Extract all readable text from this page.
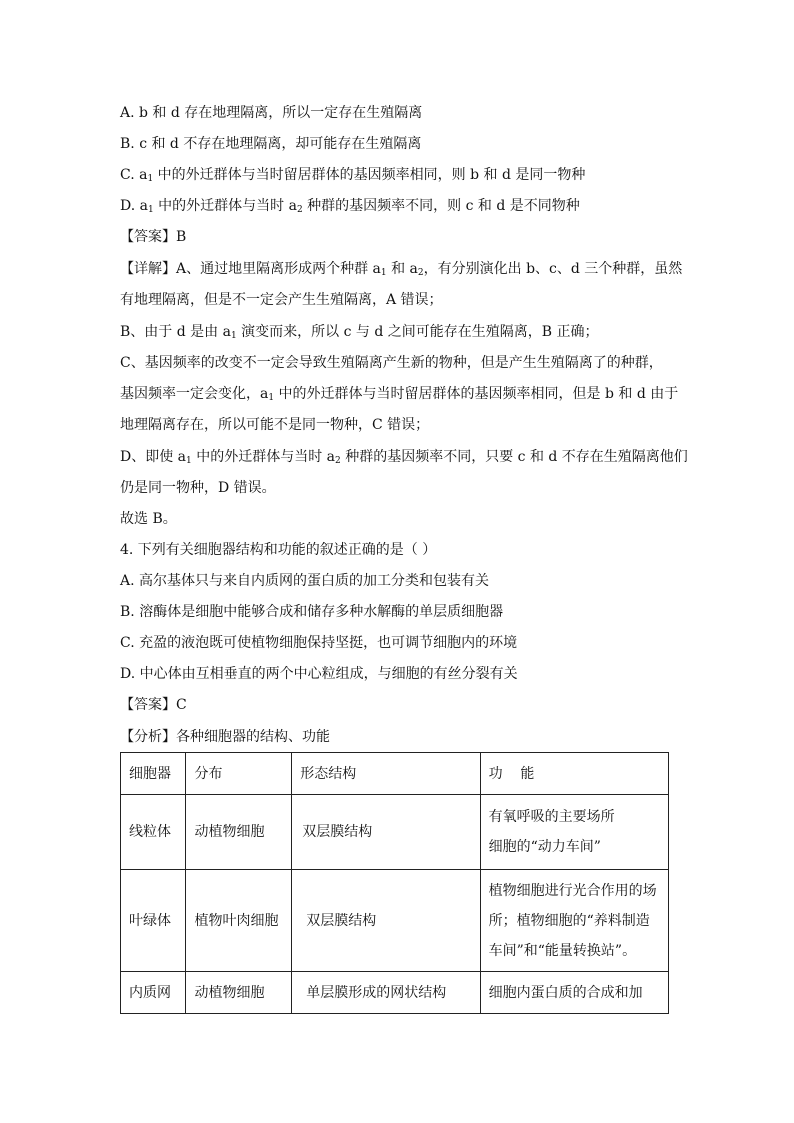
A. b 和 d 存在地理隔离，所以一定存在生殖隔离
B. c 和 d 不存在地理隔离，却可能存在生殖隔离
C. $a_1$ 中的外迁群体与当时留居群体的基因频率相同，则 b 和 d 是同一物种
D. $a_1$ 中的外迁群体与当时 $a_2$ 种群的基因频率不同，则 c 和 d 是不同物种
【答案】B
【详解】A、通过地里隔离形成两个种群 $a_1$ 和 $a_2$，有分别演化出 b、c、d 三个种群，虽然
有地理隔离，但是不一定会产生生殖隔离，A 错误；
B、由于 d 是由 $a_1$ 演变而来，所以 c 与 d 之间可能存在生殖隔离，B 正确；
C、基因频率的改变不一定会导致生殖隔离产生新的物种，但是产生生殖隔离了的种群，
基因频率一定会变化，$a_1$ 中的外迁群体与当时留居群体的基因频率相同，但是 b 和 d 由于
地理隔离存在，所以可能不是同一物种，C 错误；
D、即使 $a_1$ 中的外迁群体与当时 $a_2$ 种群的基因频率不同，只要 c 和 d 不存在生殖隔离他们
仍是同一物种，D 错误。
故选 B。
4. 下列有关细胞器结构和功能的叙述正确的是（ ）
A. 高尔基体只与来自内质网的蛋白质的加工分类和包装有关
B. 溶酶体是细胞中能够合成和储存多种水解酶的单层质细胞器
C. 充盈的液泡既可使植物细胞保持坚挺，也可调节细胞内的环境
D. 中心体由互相垂直的两个中心粒组成，与细胞的有丝分裂有关
【答案】C
【分析】各种细胞器的结构、功能
细胞器	分布	形态结构	功    能
线粒体	动植物细胞	双层膜结构	有氧呼吸的主要场所
细胞的“动力车间”

叶绿体	植物叶肉细胞	双层膜结构	植物细胞进行光合作用的场
所；植物细胞的“养料制造
车间”和“能量转换站”。

内质网	动植物细胞	单层膜形成的网状结构	细胞内蛋白质的合成和加
